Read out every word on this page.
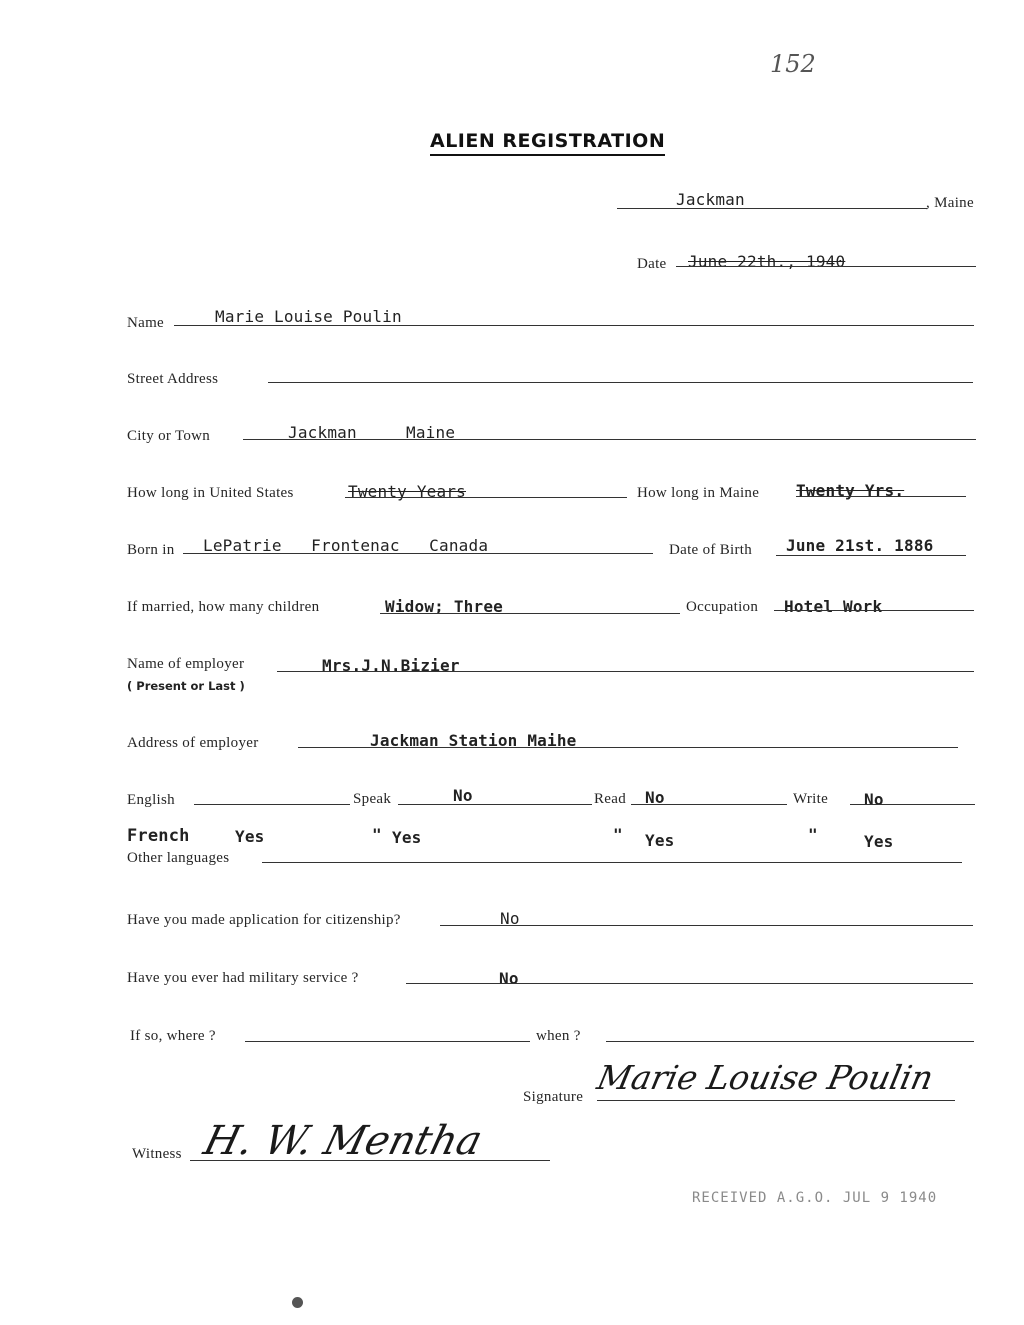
152
ALIEN REGISTRATION
Jackman	, Maine
Date June 22th., 1940
Name	Marie Louise Poulin
Street Address
City or Town	Jackman     Maine
How long in United States	Twenty Years	How long in Maine Twenty Yrs.
Born in LePatrie   Frontenac   Canada	Date of Birth June 21st. 1886
If married, how many children	Widow; Three	Occupation Hotel Work
Name of employer
( Present or Last )
Mrs.J.N.Bizier
Address of employer	Jackman Station Maihe
English	Speak	No	Read No	Write No
French	Yes	" Yes	" Yes	"	Yes
Other languages
Have you made application for citizenship?	No
Have you ever had military service ?	No
If so, where ?	when ?
Signature Marie Louise Poulin
Witness H. W. Mentha
RECEIVED A.G.O. JUL 9 1940
